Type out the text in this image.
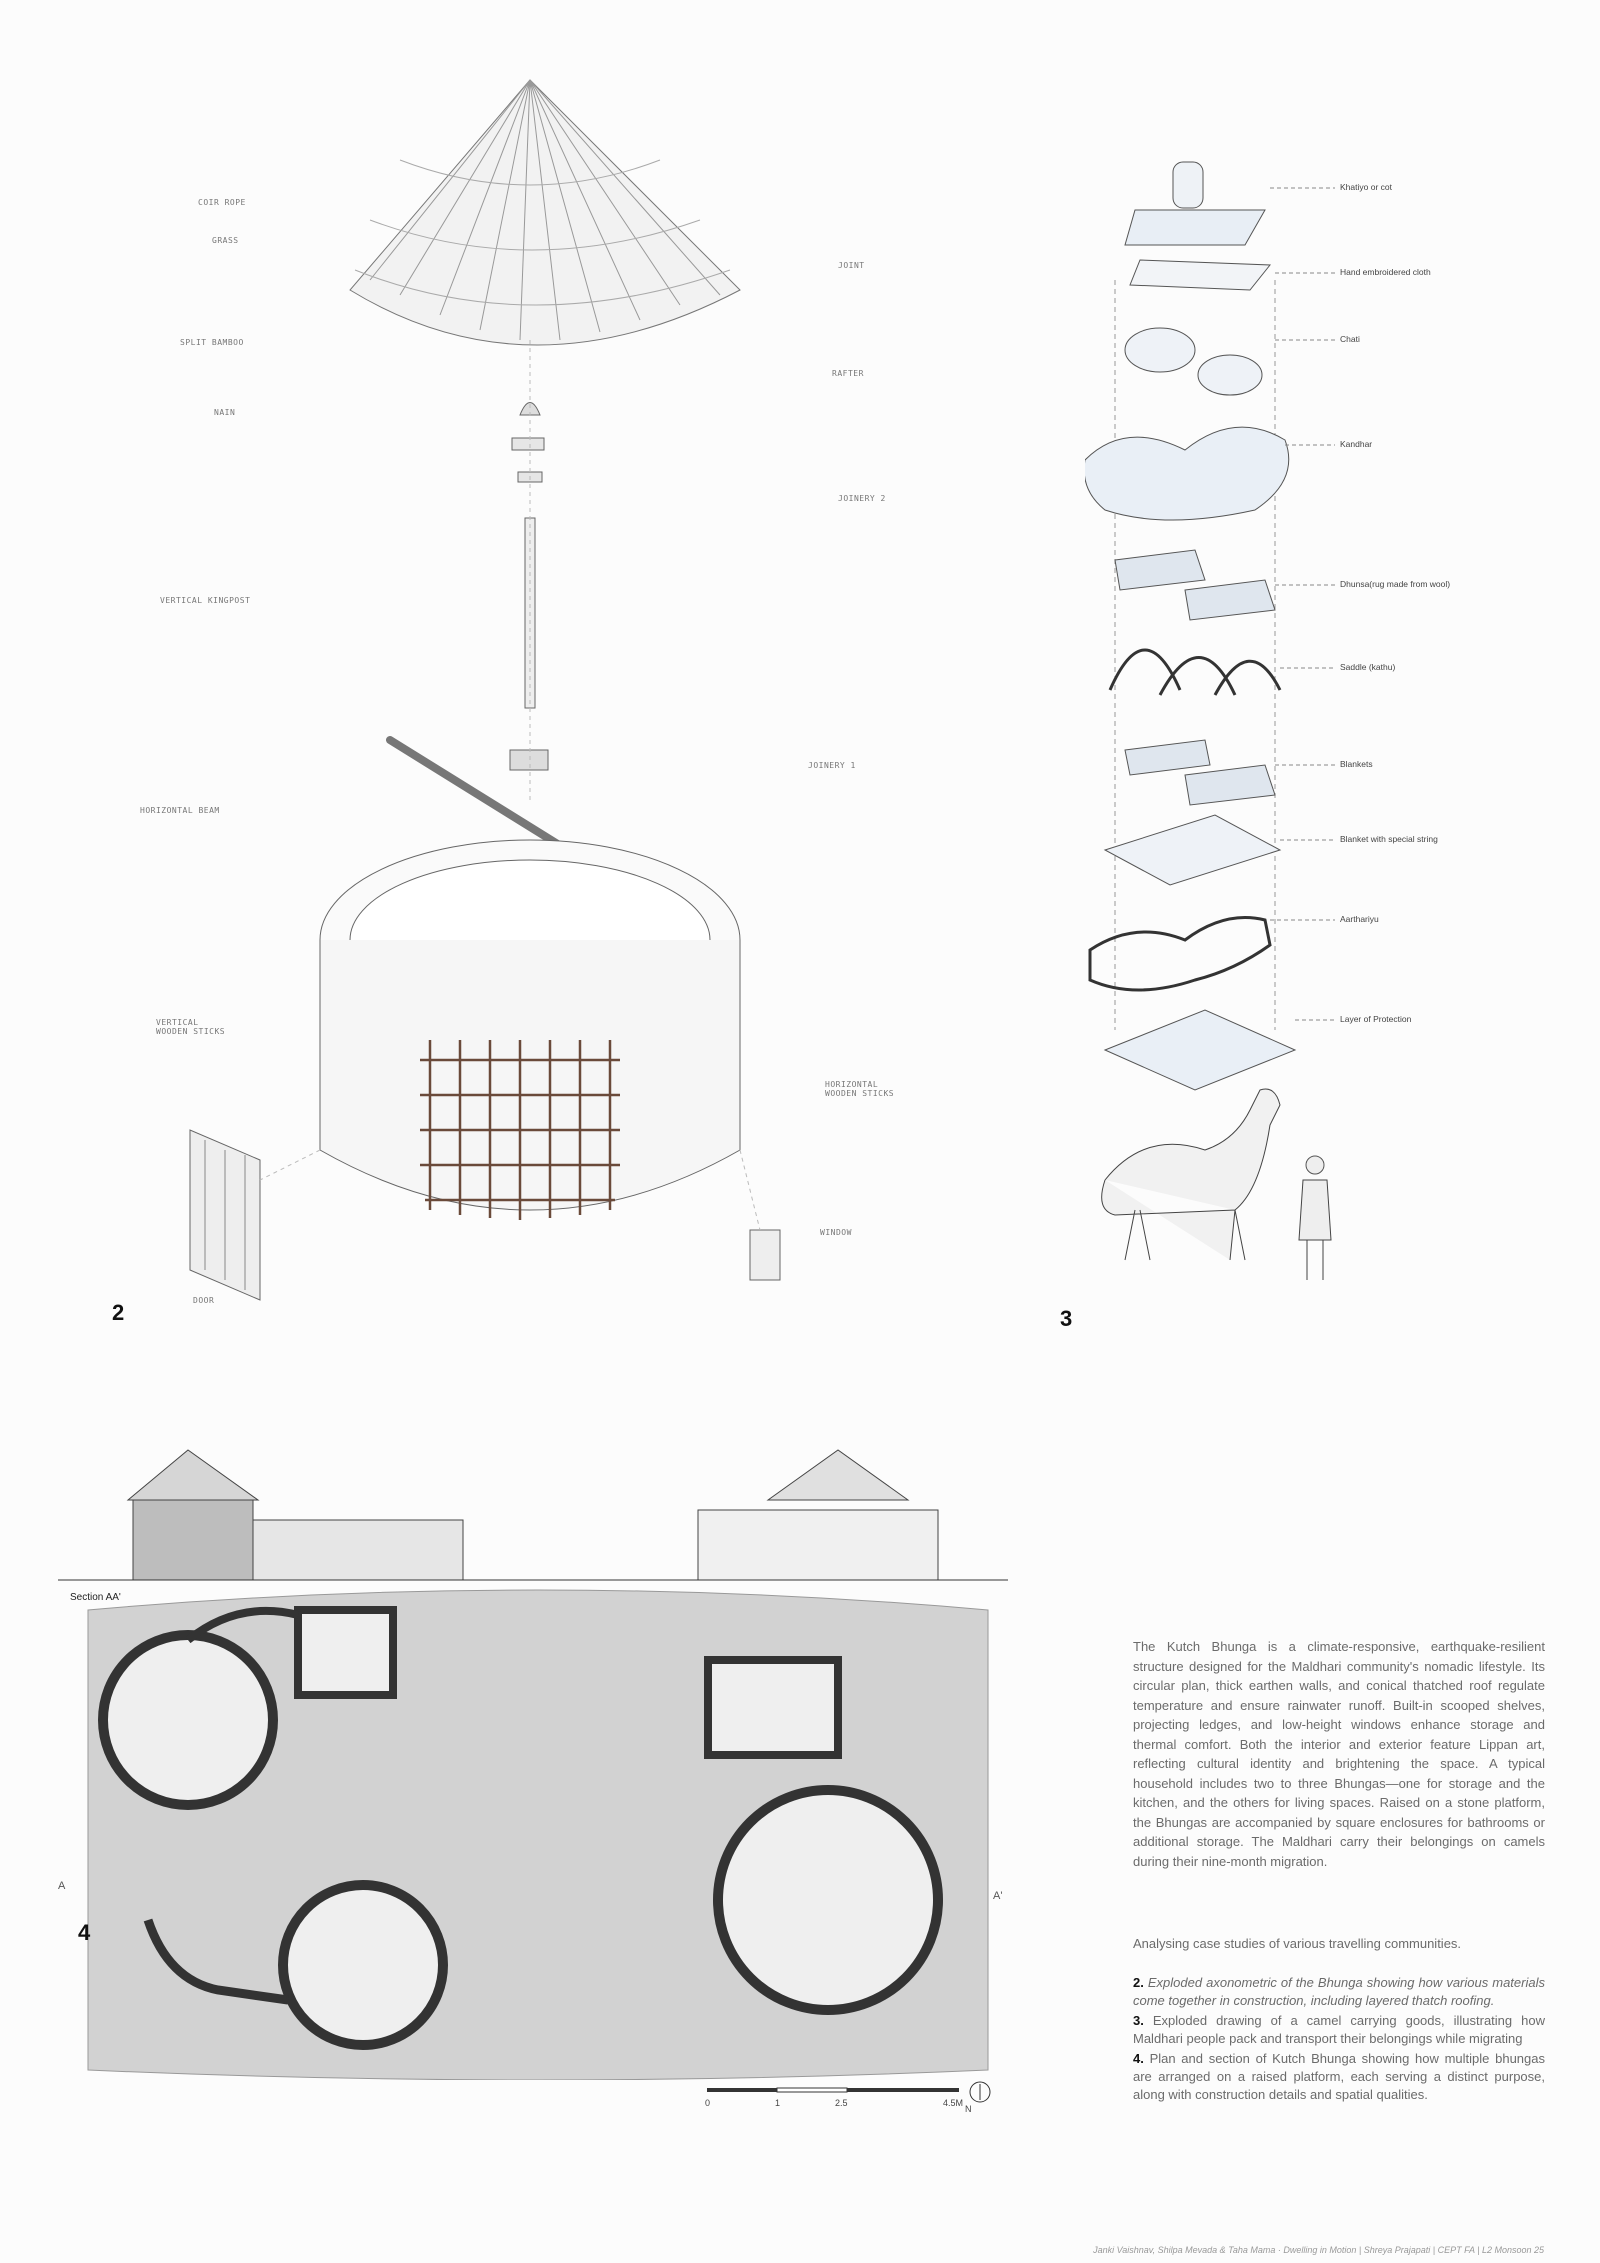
COIR ROPE
GRASS
JOINT
SPLIT BAMBOO
RAFTER
NAIN
JOINERY 2
VERTICAL KINGPOST
JOINERY 1
HORIZONTAL BEAM
VERTICAL
WOODEN STICKS
HORIZONTAL
WOODEN STICKS
WINDOW
DOOR
2
Khatiyo or cot
Hand embroidered cloth
Chati
Kandhar
Dhunsa(rug made from wool)
Saddle (kathu)
Blankets
Blanket with special string
Aarthariyu
Layer of Protection
3
Section AA'
A
A'
4
0	1	2.5	4.5M
N

The Kutch Bhunga is a climate-responsive, earthquake-resilient structure designed for the Maldhari community's nomadic lifestyle. Its circular plan, thick earthen walls, and conical thatched roof regulate temperature and ensure rainwater runoff. Built-in scooped shelves, projecting ledges, and low-height windows enhance storage and thermal comfort. Both the interior and exterior feature Lippan art, reflecting cultural identity and brightening the space. A typical household includes two to three Bhungas—one for storage and the kitchen, and the others for living spaces. Raised on a stone platform, the Bhungas are accompanied by square enclosures for bathrooms or additional storage. The Maldhari carry their belongings on camels during their nine-month migration.

Analysing case studies of various travelling communities.

2. Exploded axonometric of the Bhunga showing how various materials come together in construction, including layered thatch roofing.
3. Exploded drawing of a camel carrying goods, illustrating how Maldhari people pack and transport their belongings while migrating
4. Plan and section of Kutch Bhunga showing how multiple bhungas are arranged on a raised platform, each serving a distinct purpose, along with construction details and spatial qualities.
Janki Vaishnav, Shilpa Mevada & Taha Mama · Dwelling in Motion | Shreya Prajapati | CEPT FA | L2 Monsoon 25
